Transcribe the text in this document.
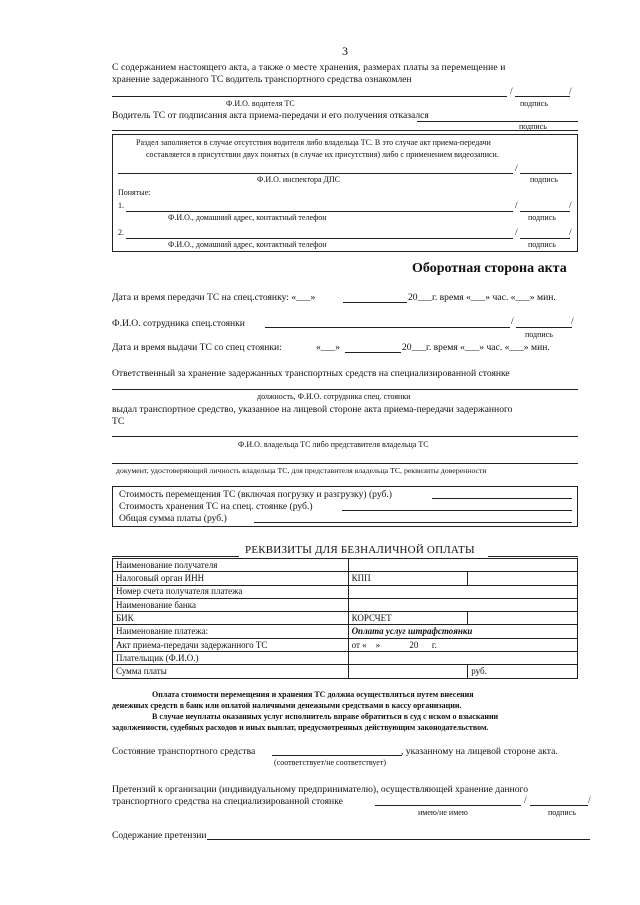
3
С содержанием настоящего акта, а также о месте хранения, размерах платы за перемещение и
хранение задержанного ТС водитель транспортного средства ознакомлен
/	/
Ф.И.О. водителя ТС	подпись
Водитель ТС от подписания акта приема-передачи и его получения отказался
подпись
Раздел заполняется в случае отсутствия водителя либо владельца ТС. В это случае акт приема-передачи
составляется в присутствии двух понятых (в случае их присутствия) либо с применением видеозаписи.
/
Ф.И.О. инспектора ДПС	подпись
Понятые:
1.	/	/
Ф.И.О., домашний адрес, контактный телефон	подпись
2.	/	/
Ф.И.О., домашний адрес, контактный телефон	подпись
Оборотная сторона акта
Дата и время передачи ТС на спец.стоянку: «___»	20___г. время «___» час. «___» мин.
Ф.И.О. сотрудника спец.стоянки	/	/
подпись
Дата и время выдачи ТС со спец стоянки:	«___»	20___г. время «___» час. «___» мин.
Ответственный за хранение задержанных транспортных средств на специализированной стоянке
должность, Ф.И.О. сотрудника спец. стоянки
выдал транспортное средство, указанное на лицевой стороне акта приема-передачи задержанного
ТС
Ф.И.О. владельца ТС либо представителя владельца ТС
документ, удостоверяющий личность владельца ТС, для представителя владельца ТС, реквизиты доверенности
Стоимость перемещения ТС (включая погрузку и разгрузку) (руб.)
Стоимость хранения ТС на спец. стоянке (руб.)
Общая сумма платы (руб.)
РЕКВИЗИТЫ ДЛЯ БЕЗНАЛИЧНОЙ ОПЛАТЫ
Наименование получателя		
Налоговый орган ИНН	КПП	
Номер счета получателя платежа		
Наименование банка		
БИК	КОРСЧЕТ	
Наименование платежа:	Оплата услуг штрафстоянки	
Акт приема-передачи задержанного ТС	от «    »             20      г.	
Плательщик (Ф.И.О.)		
Сумма платы		руб.
Оплата стоимости перемещения и хранения ТС должна осуществляться путем внесения
денежных средств в банк или оплатой наличными денежными средствами в кассу организации.
В случае неуплаты оказанных услуг исполнитель вправе обратиться в суд с иском о взыскании
задолженности, судебных расходов и иных выплат, предусмотренных действующим законодательством.
Состояние транспортного средства	, указанному на лицевой стороне акта.
(соответствует/не соответствует)
Претензий к организации (индивидуальному предпринимателю), осуществляющей хранение данного
транспортного средства на специализированной стоянке	/	/
имею/не имею	подпись
Содержание претензии
